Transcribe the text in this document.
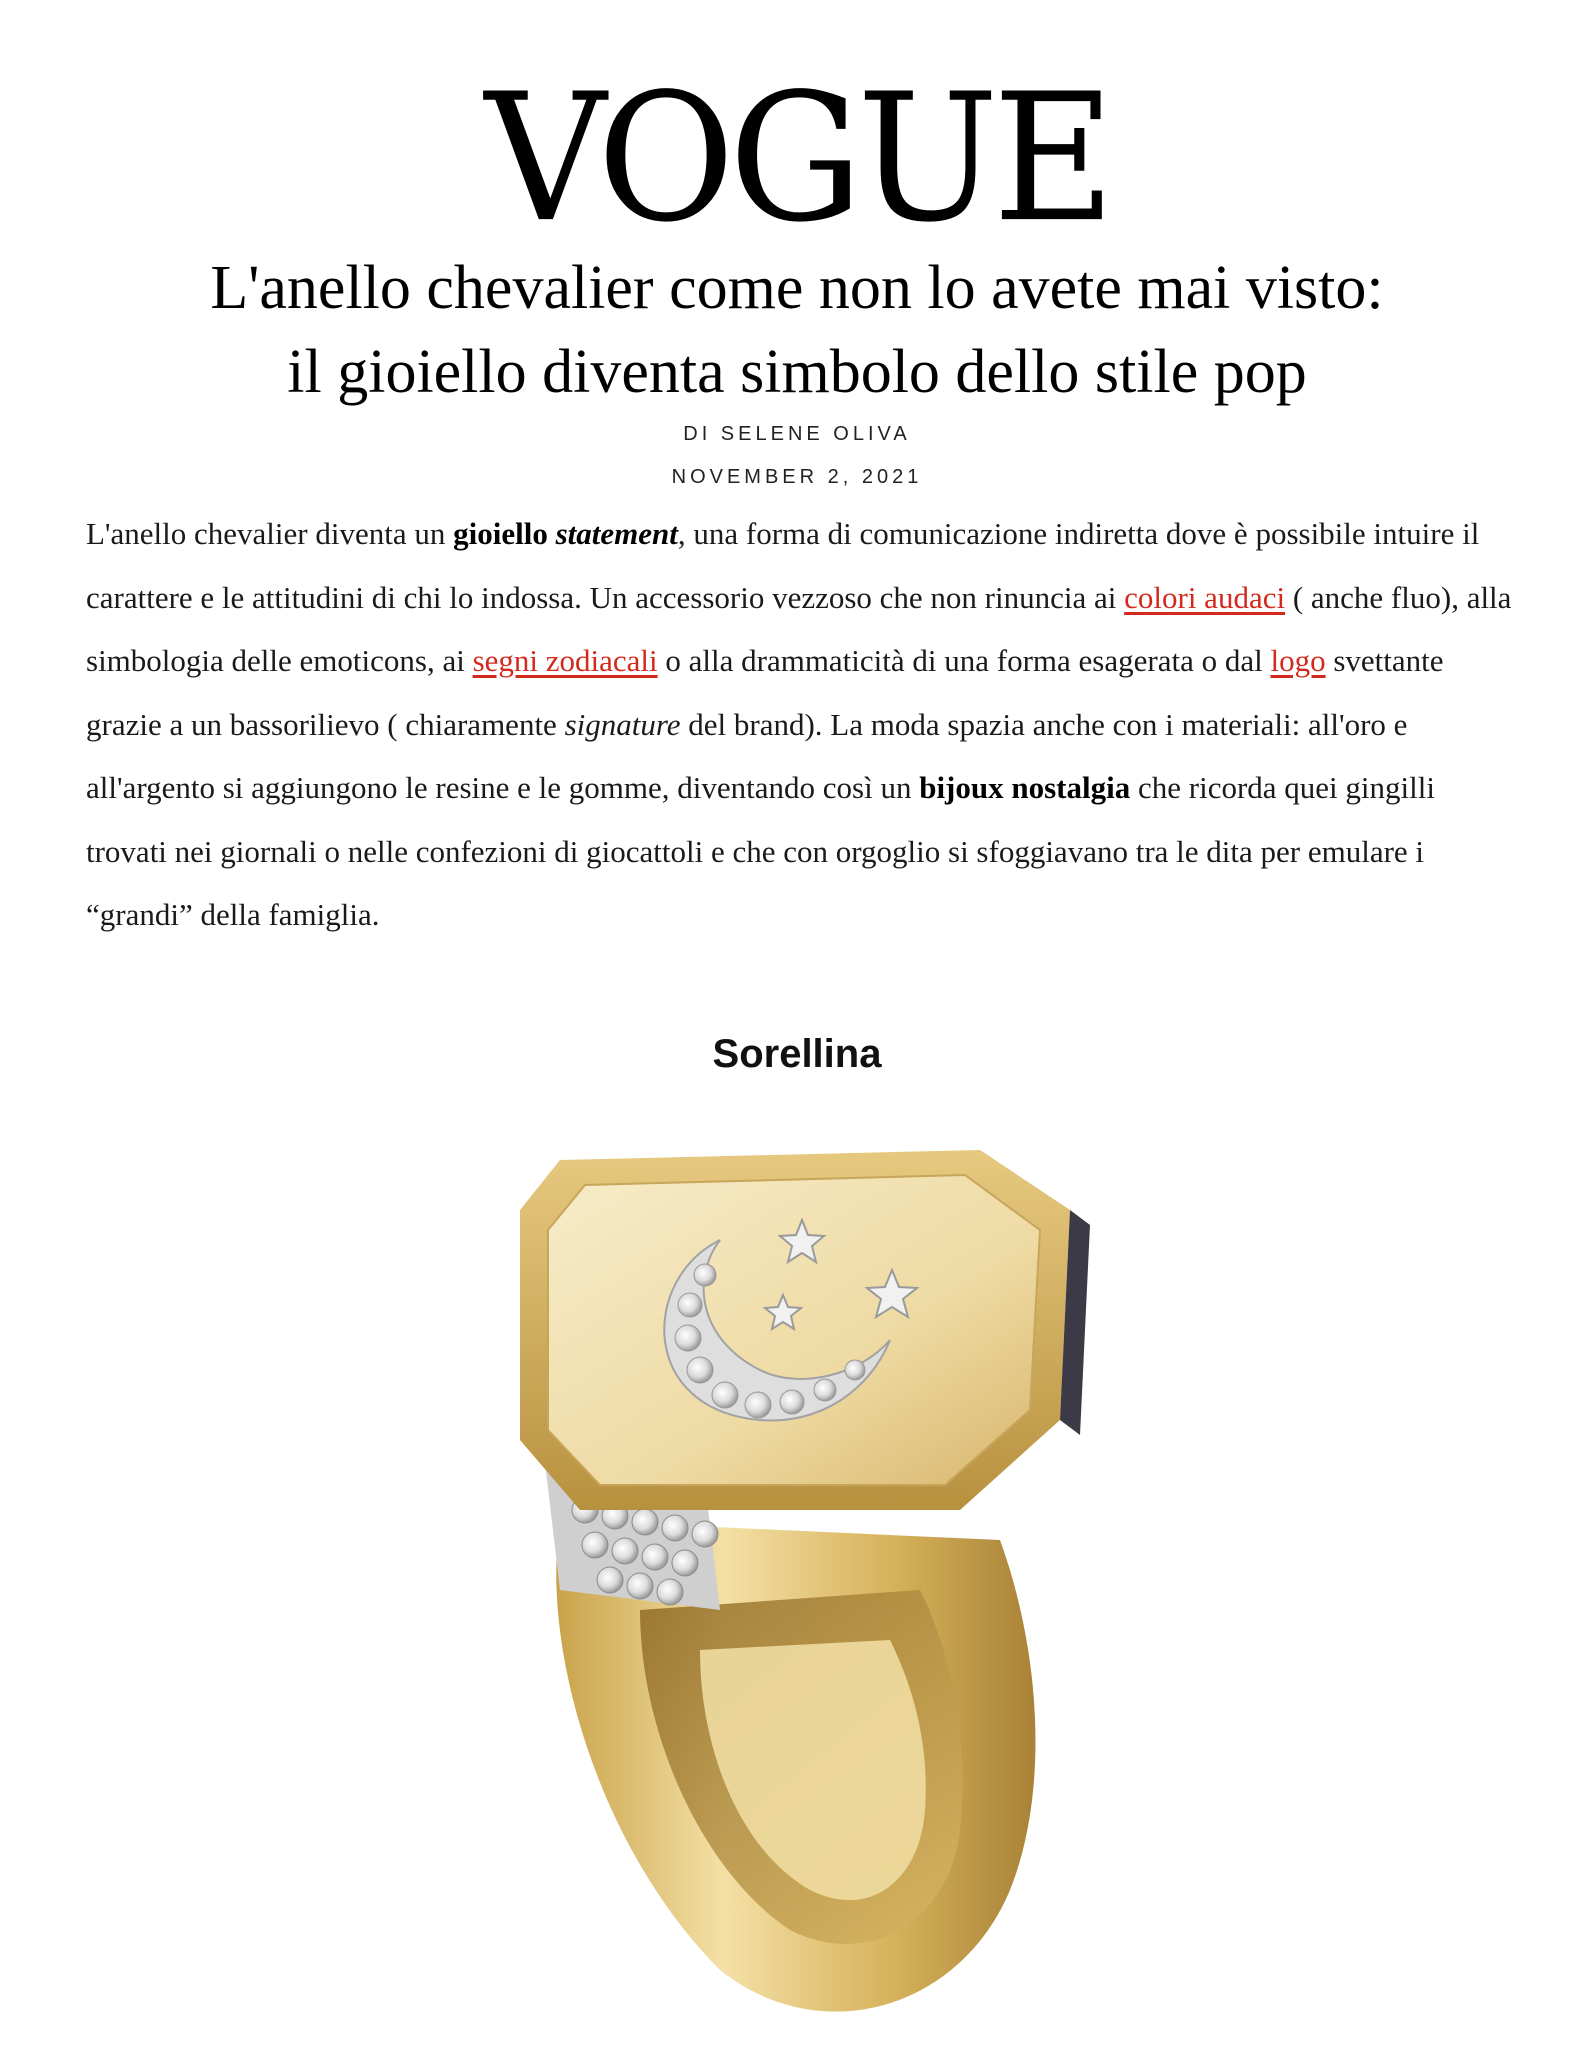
VOGUE
L'anello chevalier come non lo avete mai visto:
il gioiello diventa simbolo dello stile pop
DI SELENE OLIVA
NOVEMBER 2, 2021

L'anello chevalier diventa un gioiello statement, una forma di comunicazione indiretta dove è possibile intuire il carattere e le attitudini di chi lo indossa. Un accessorio vezzoso che non rinuncia ai colori audaci ( anche fluo), alla simbologia delle emoticons, ai segni zodiacali o alla drammaticità di una forma esagerata o dal logo svettante grazie a un bassorilievo ( chiaramente signature del brand). La moda spazia anche con i materiali: all'oro e all'argento si aggiungono le resine e le gomme, diventando così un bijoux nostalgia che ricorda quei gingilli trovati nei giornali o nelle confezioni di giocattoli e che con orgoglio si sfoggiavano tra le dita per emulare i “grandi” della famiglia.

Sorellina
